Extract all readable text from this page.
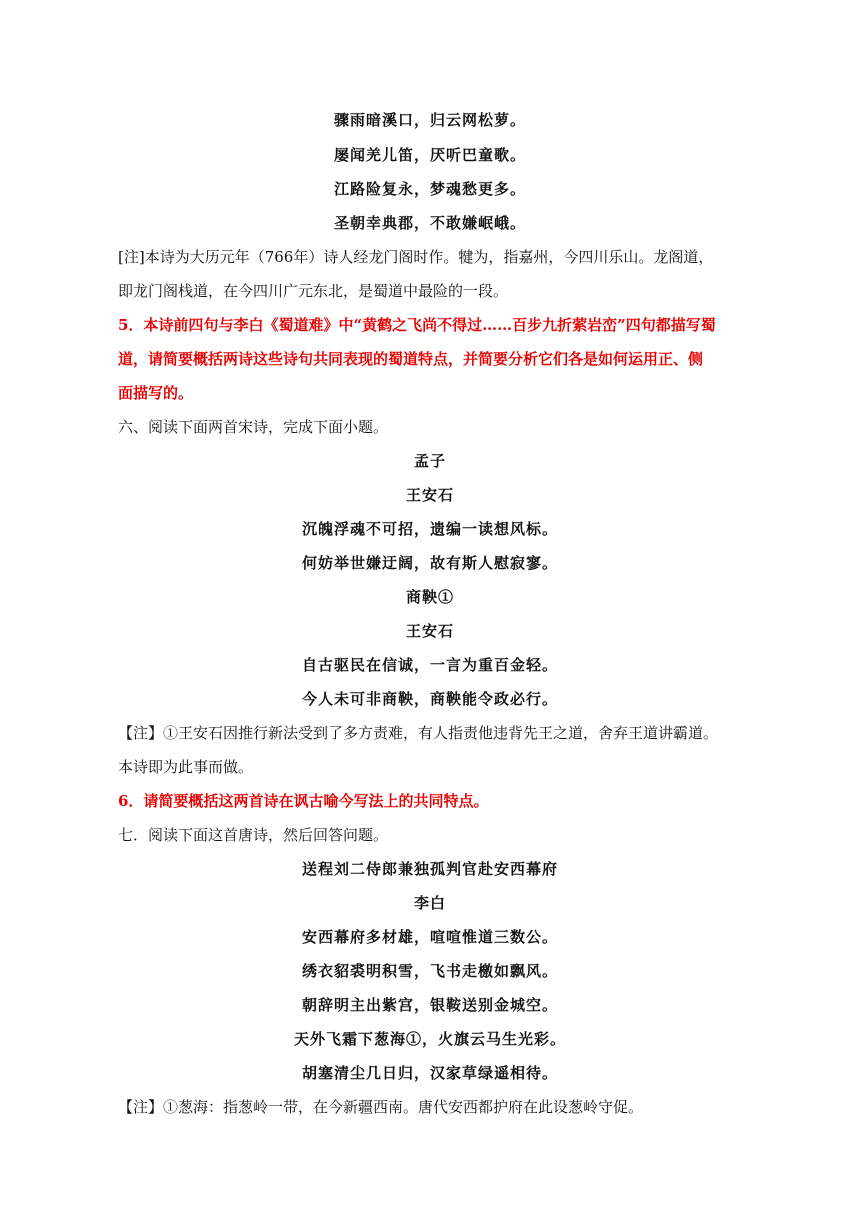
骤雨暗溪口，归云网松萝。
屡闻羌儿笛，厌听巴童歌。
江路险复永，梦魂愁更多。
圣朝幸典郡，不敢嫌岷峨。
[注]本诗为大历元年（766年）诗人经龙门阁时作。犍为，指嘉州，今四川乐山。龙阁道，
即龙门阁栈道，在今四川广元东北，是蜀道中最险的一段。
5．本诗前四句与李白《蜀道难》中“黄鹤之飞尚不得过……百步九折萦岩峦”四句都描写蜀
道，请简要概括两诗这些诗句共同表现的蜀道特点，并简要分析它们各是如何运用正、侧
面描写的。
六、阅读下面两首宋诗，完成下面小题。
孟子
王安石
沉魄浮魂不可招，遗编一读想风标。
何妨举世嫌迂阔，故有斯人慰寂寥。
商鞅①
王安石
自古驱民在信诚，一言为重百金轻。
今人未可非商鞅，商鞅能令政必行。
【注】①王安石因推行新法受到了多方责难，有人指责他违背先王之道，舍弃王道讲霸道。
本诗即为此事而做。
6．请简要概括这两首诗在讽古喻今写法上的共同特点。
七．阅读下面这首唐诗，然后回答问题。
送程刘二侍郎兼独孤判官赴安西幕府
李白
安西幕府多材雄，喧喧惟道三数公。
绣衣貂裘明积雪，飞书走檄如飘风。
朝辞明主出紫宫，银鞍送别金城空。
天外飞霜下葱海①，火旗云马生光彩。
胡塞清尘几日归，汉家草绿遥相待。
【注】①葱海：指葱岭一带，在今新疆西南。唐代安西都护府在此设葱岭守促。
